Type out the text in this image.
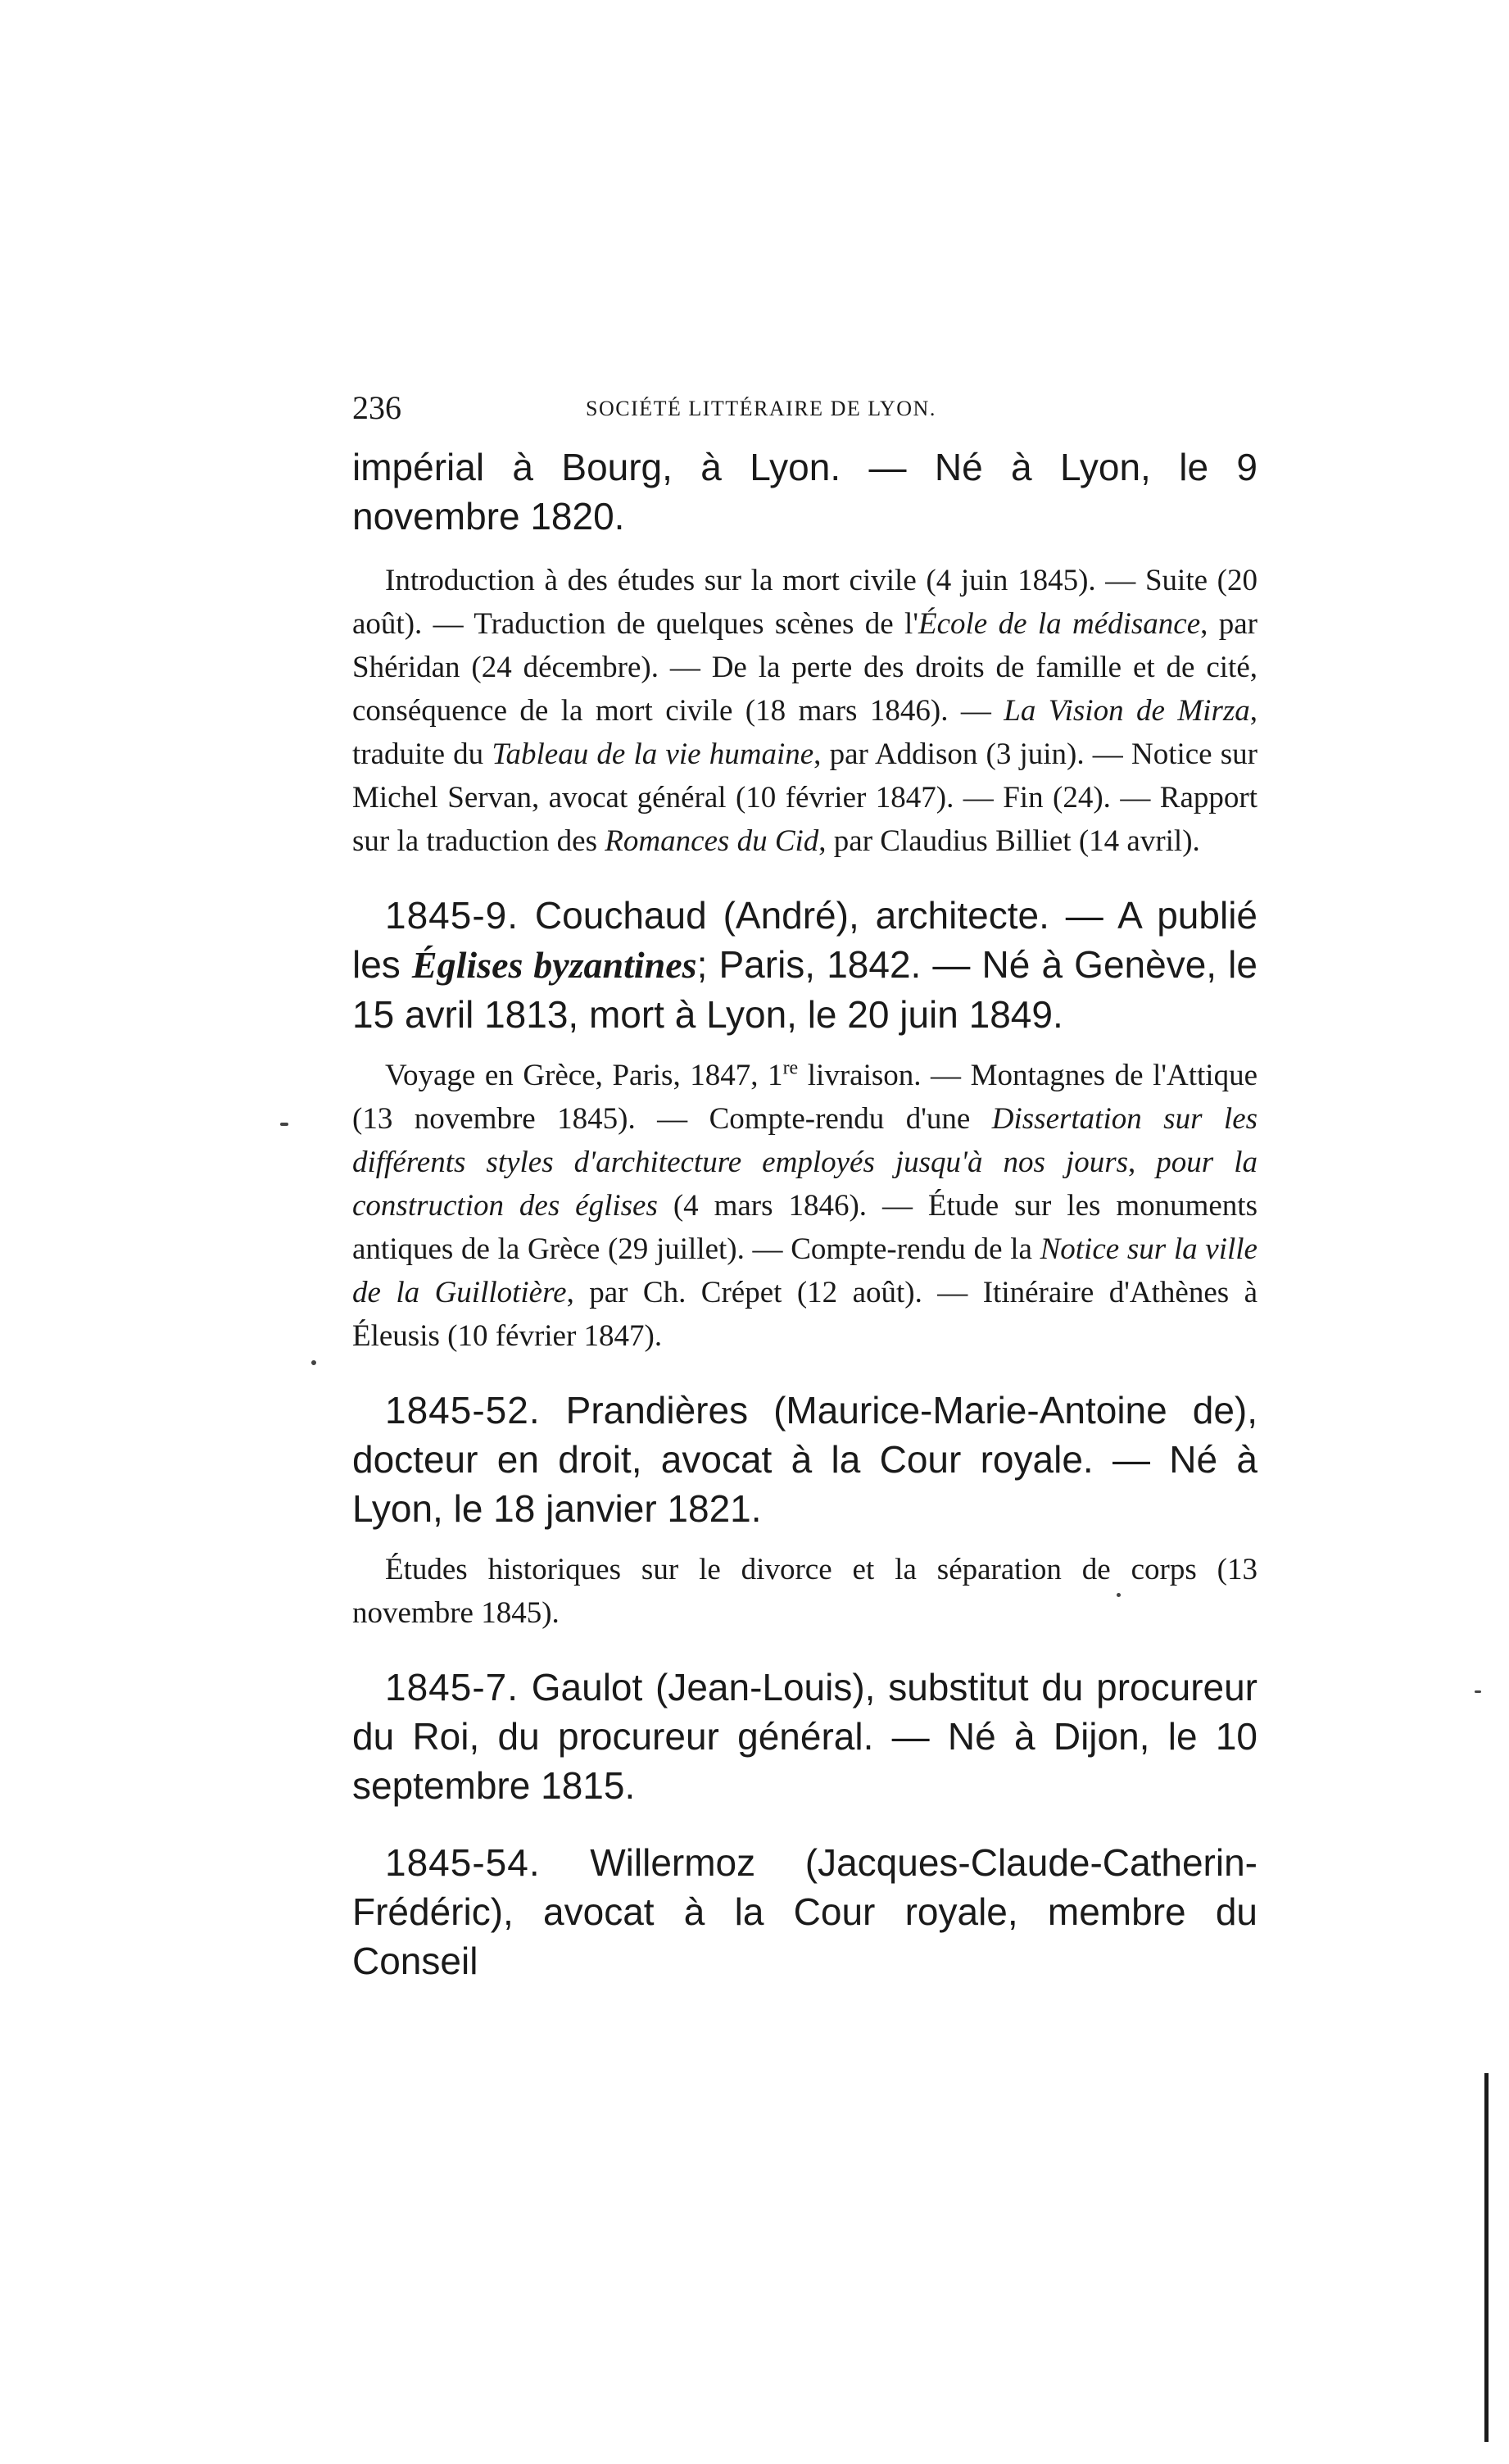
236	SOCIÉTÉ LITTÉRAIRE DE LYON.

impérial à Bourg, à Lyon. — Né à Lyon, le 9 novembre 1820.

Introduction à des études sur la mort civile (4 juin 1845). — Suite (20 août). — Traduction de quelques scènes de l'École de la médisance, par Shéridan (24 décembre). — De la perte des droits de famille et de cité, conséquence de la mort civile (18 mars 1846). — La Vision de Mirza, traduite du Tableau de la vie humaine, par Addison (3 juin). — Notice sur Michel Servan, avocat général (10 février 1847). — Fin (24). — Rapport sur la traduction des Romances du Cid, par Claudius Billiet (14 avril).

1845-9. Couchaud (André), architecte. — A publié les Églises byzantines; Paris, 1842. — Né à Genève, le 15 avril 1813, mort à Lyon, le 20 juin 1849.

Voyage en Grèce, Paris, 1847, 1re livraison. — Montagnes de l'Attique (13 novembre 1845). — Compte-rendu d'une Dissertation sur les différents styles d'architecture employés jusqu'à nos jours, pour la construction des églises (4 mars 1846). — Étude sur les monuments antiques de la Grèce (29 juillet). — Compte-rendu de la Notice sur la ville de la Guillotière, par Ch. Crépet (12 août). — Itinéraire d'Athènes à Éleusis (10 février 1847).

1845-52. Prandières (Maurice-Marie-Antoine de), docteur en droit, avocat à la Cour royale. — Né à Lyon, le 18 janvier 1821.

Études historiques sur le divorce et la séparation de corps (13 novembre 1845).

1845-7. Gaulot (Jean-Louis), substitut du procureur du Roi, du procureur général. — Né à Dijon, le 10 septembre 1815.

1845-54. Willermoz (Jacques-Claude-Catherin-Frédéric), avocat à la Cour royale, membre du Conseil
